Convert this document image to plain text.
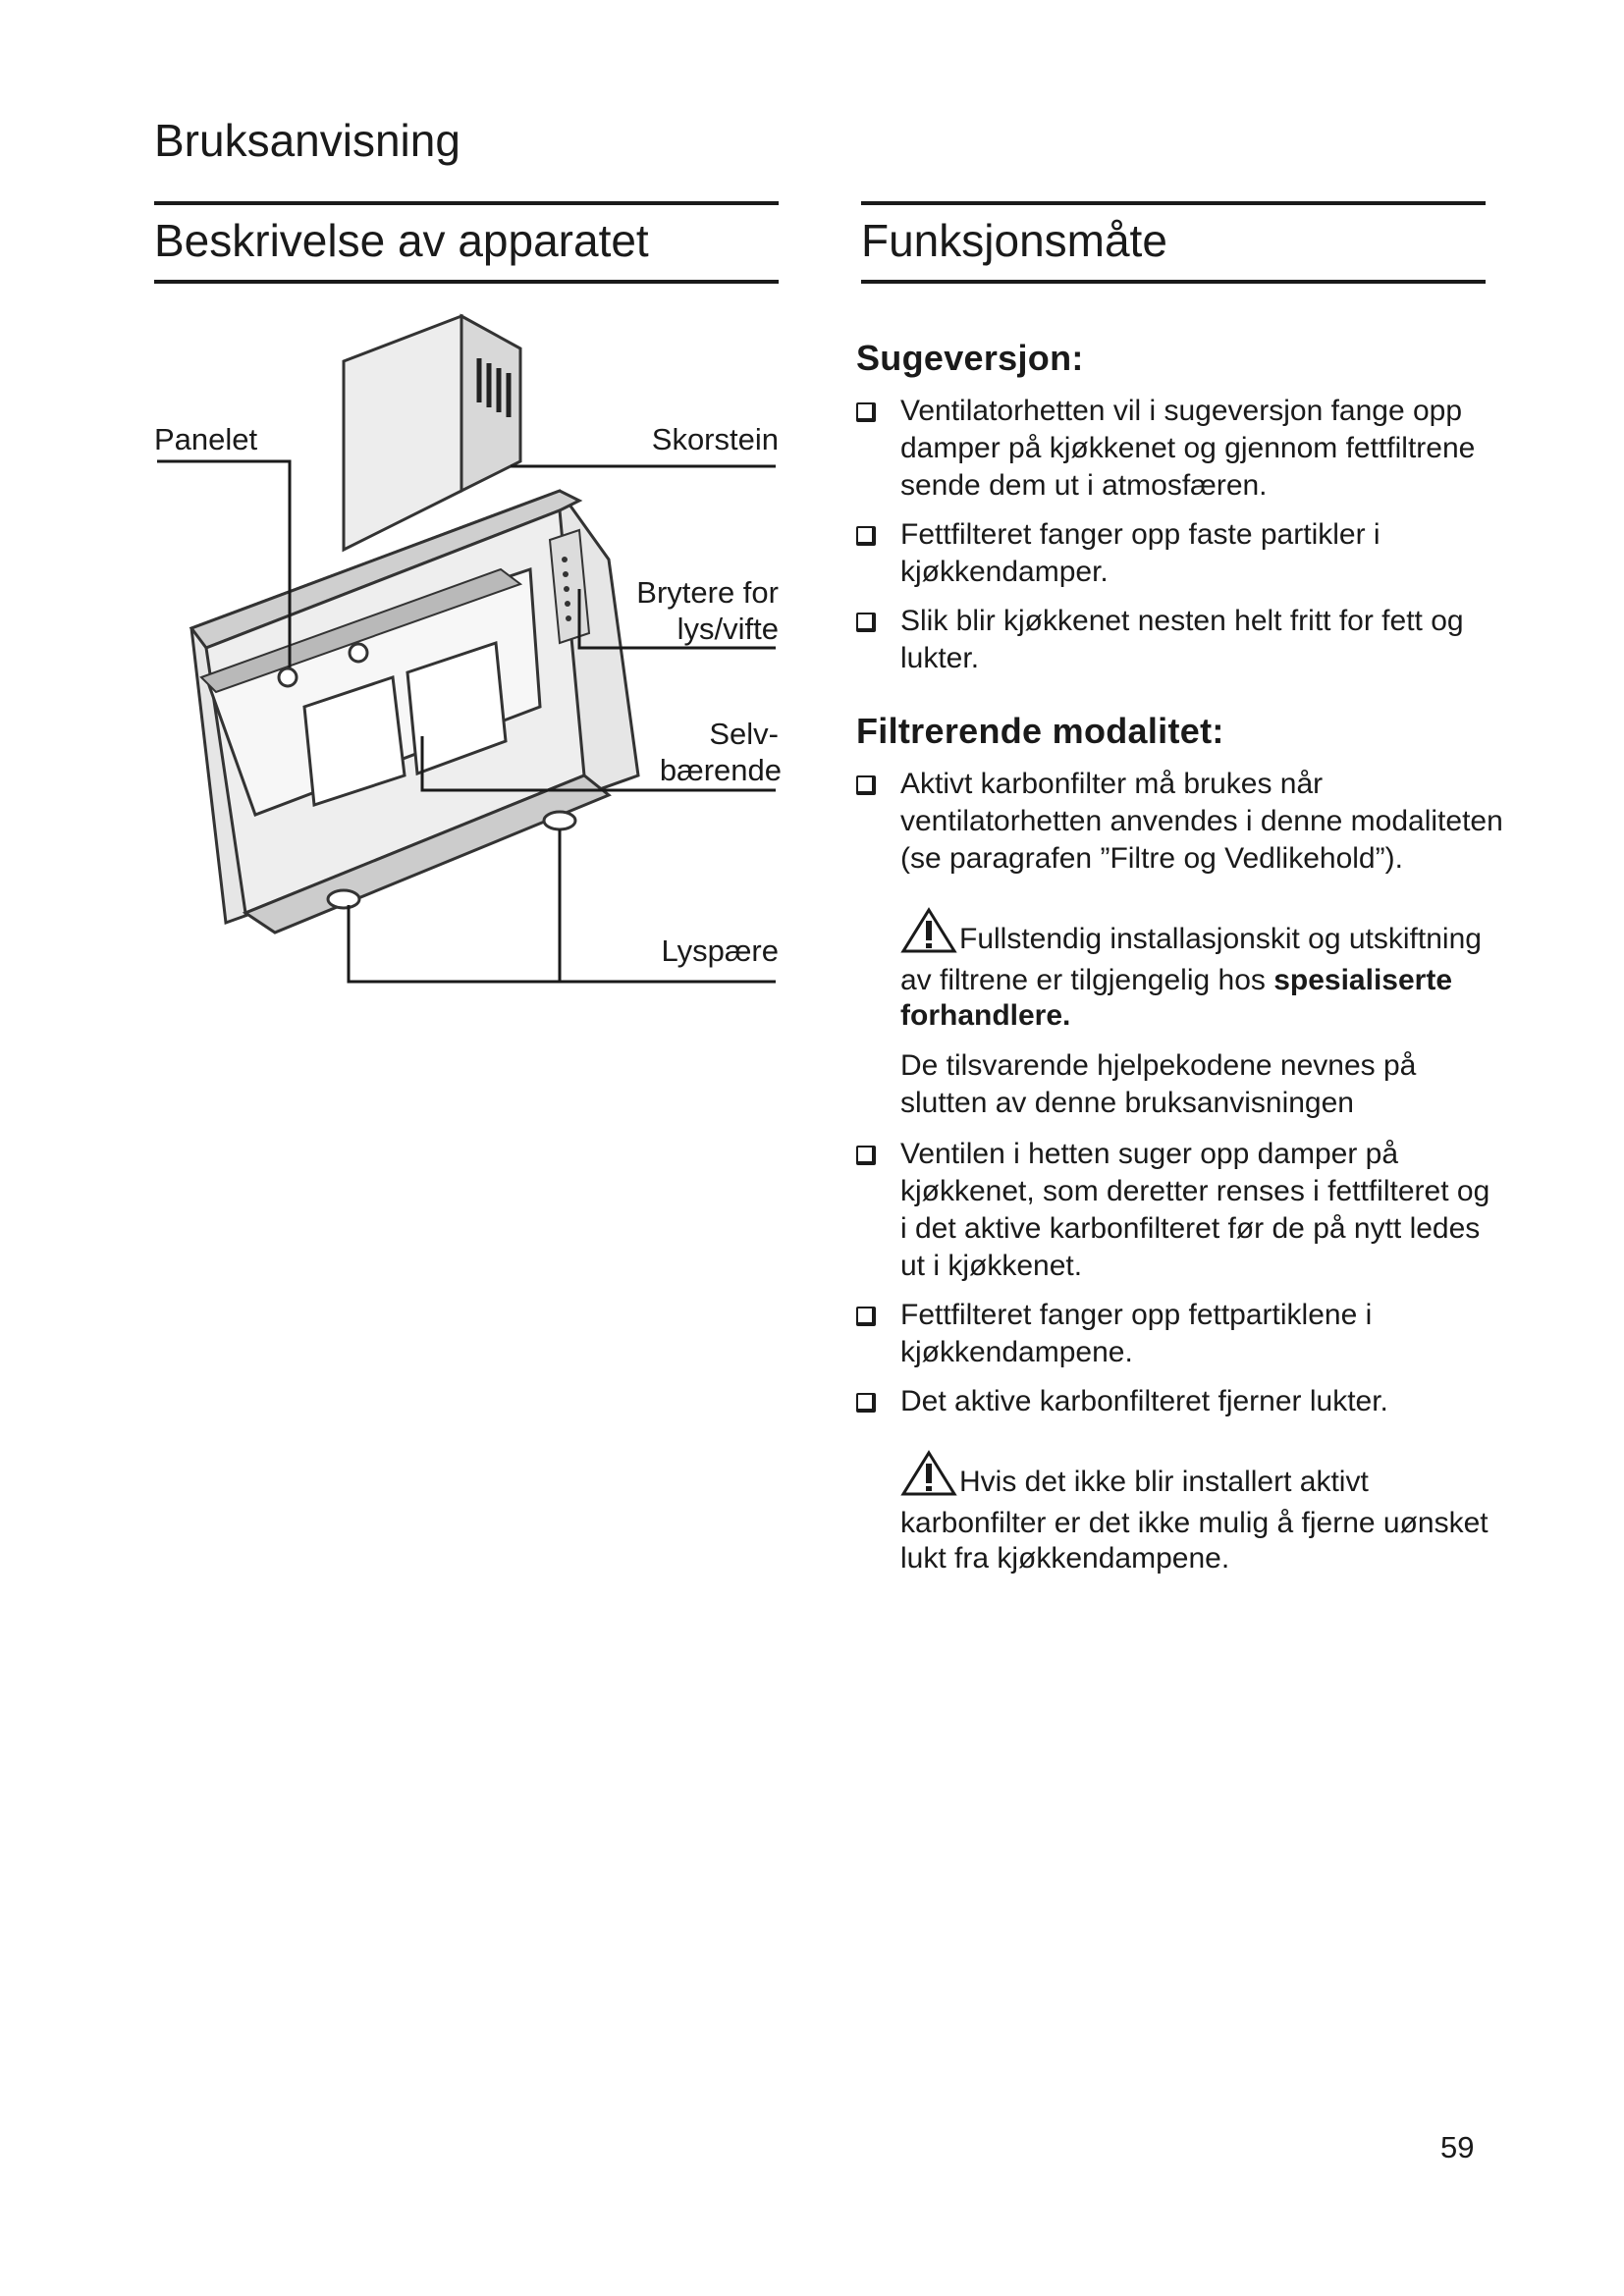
Bruksanvisning
Beskrivelse av apparatet	Funksjonsmåte
Panelet	Skorstein
Brytere for
lys/vifte
Selv-
bærende
Lyspære
Sugeversjon:
Ventilatorhetten vil i sugeversjon fange opp damper på kjøkkenet og gjennom fettfiltrene sende dem ut i atmosfæren.
Fettfilteret fanger opp faste partikler i kjøkkendamper.
Slik blir kjøkkenet nesten helt fritt for fett og lukter.
Filtrerende modalitet:
Aktivt karbonfilter må brukes når ventilatorhetten anvendes i denne modaliteten (se paragrafen ”Filtre og Vedlikehold”).
Fullstendig installasjonskit og utskiftning av filtrene er tilgjengelig hos spesialiserte forhandlere.
De tilsvarende hjelpekodene nevnes på slutten av denne bruksanvisningen
Ventilen i hetten suger opp damper på kjøkkenet, som deretter renses i fettfilteret og i det aktive karbonfilteret før de på nytt ledes ut i kjøkkenet.
Fettfilteret fanger opp fettpartiklene i kjøkkendampene.
Det aktive karbonfilteret fjerner lukter.
Hvis det ikke blir installert aktivt karbonfilter er det ikke mulig å fjerne uønsket lukt fra kjøkkendampene.
59
